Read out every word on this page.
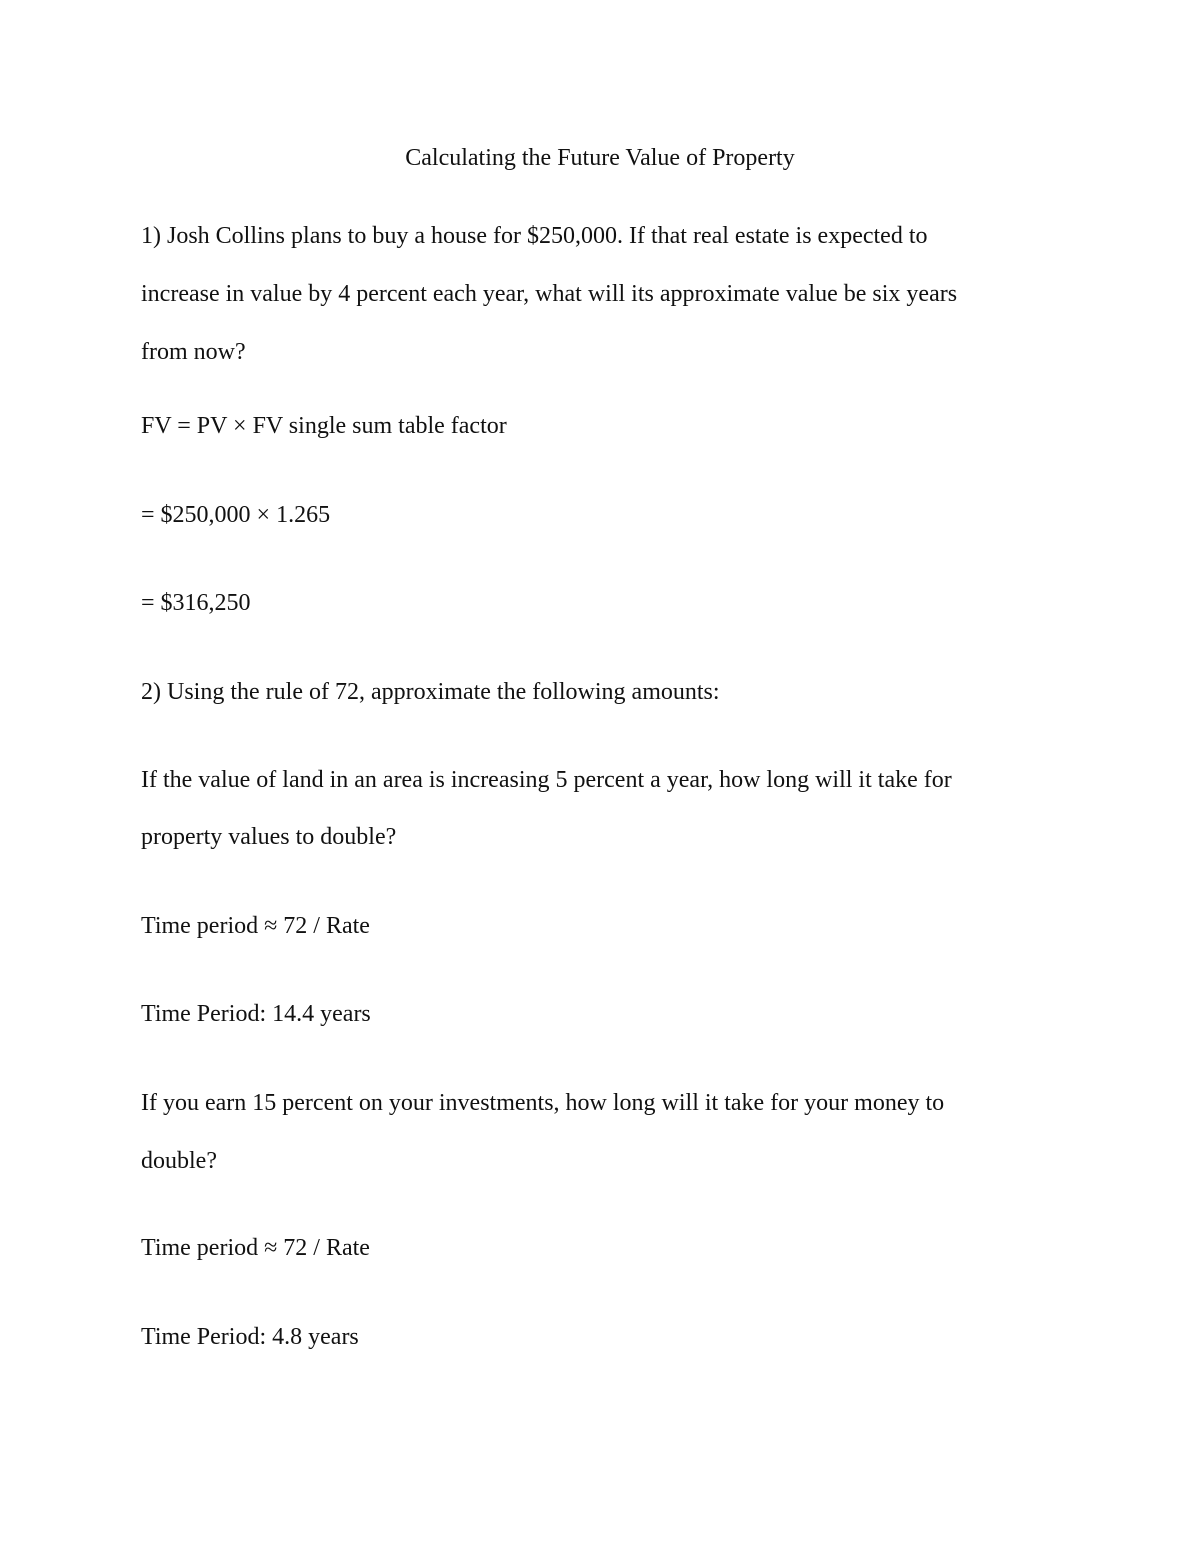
Calculating the Future Value of Property

1) Josh Collins plans to buy a house for $250,000. If that real estate is expected to

increase in value by 4 percent each year, what will its approximate value be six years

from now?

FV = PV × FV single sum table factor

= $250,000 × 1.265

= $316,250

2) Using the rule of 72, approximate the following amounts:

If the value of land in an area is increasing 5 percent a year, how long will it take for

property values to double?

Time period ≈ 72 / Rate

Time Period: 14.4 years

If you earn 15 percent on your investments, how long will it take for your money to

double?

Time period ≈ 72 / Rate

Time Period: 4.8 years
